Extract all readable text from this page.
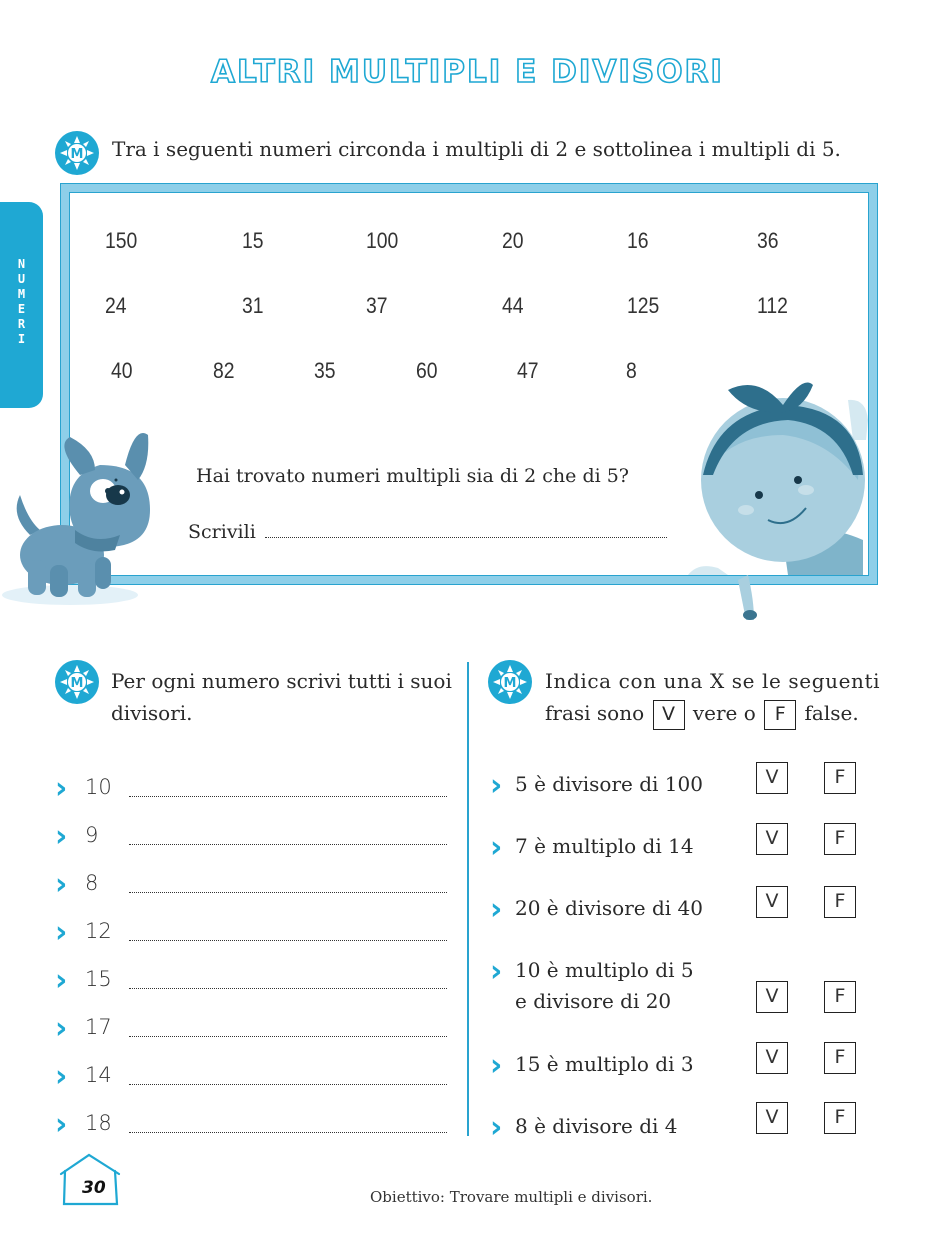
ALTRI MULTIPLI E DIVISORI
N
U
M
E
R
I
M Tra i seguenti numeri circonda i multipli di 2 e sottolinea i multipli di 5.
150	15	100	20	16	36
24	31	37	44	125	112
40	82	35	60	47	8
Hai trovato numeri multipli sia di 2 che di 5?
Scrivili
M Per ogni numero scrivi tutti i suoi
divisori.
› 10
› 9
› 8
› 12
› 15
› 17
› 14
› 18
M Indica con una X se le seguenti
frasi sono V vere o F false.
› 5 è divisore di 100	V	F
› 7 è multiplo di 14	V	F
› 20 è divisore di 40	V	F
› 10 è multiplo di 5
e divisore di 20	V	F
› 15 è multiplo di 3	V	F
› 8 è divisore di 4	V	F
30	Obiettivo: Trovare multipli e divisori.
